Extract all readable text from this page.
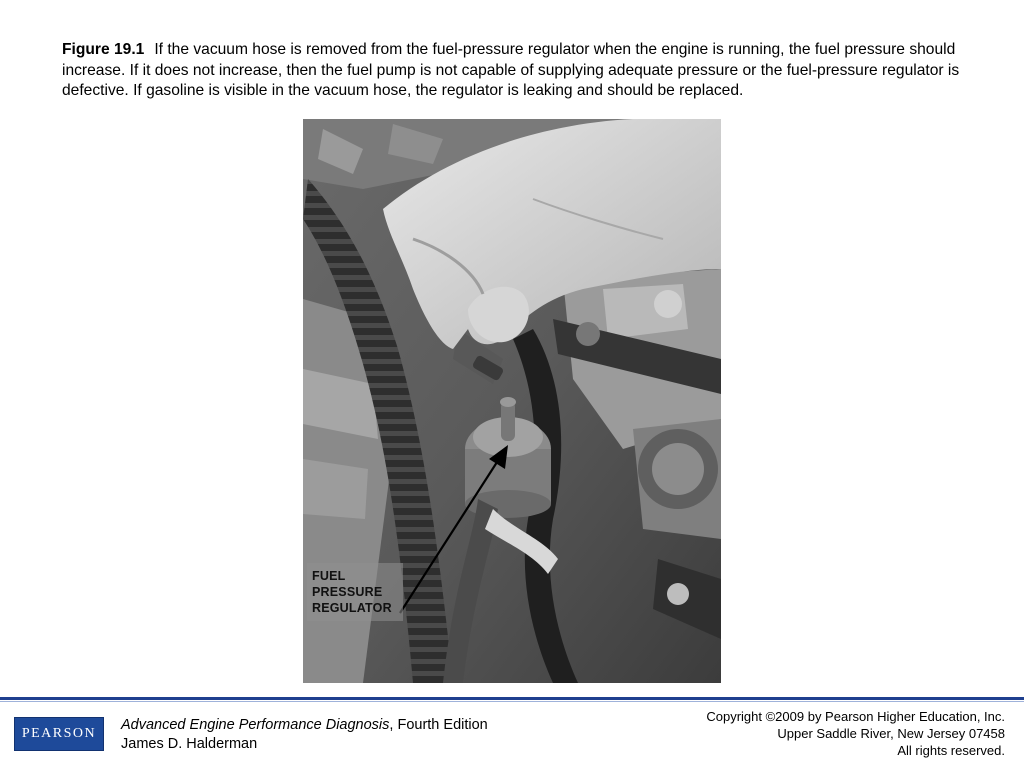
Figure 19.1 If the vacuum hose is removed from the fuel-pressure regulator when the engine is running, the fuel pressure should increase. If it does not increase, then the fuel pump is not capable of supplying adequate pressure or the fuel-pressure regulator is defective. If gasoline is visible in the vacuum hose, the regulator is leaking and should be replaced.

FUEL
PRESSURE
REGULATOR
PEARSON
Advanced Engine Performance Diagnosis, Fourth Edition
James D. Halderman
Copyright ©2009 by Pearson Higher Education, Inc.
Upper Saddle River, New Jersey 07458
All rights reserved.
